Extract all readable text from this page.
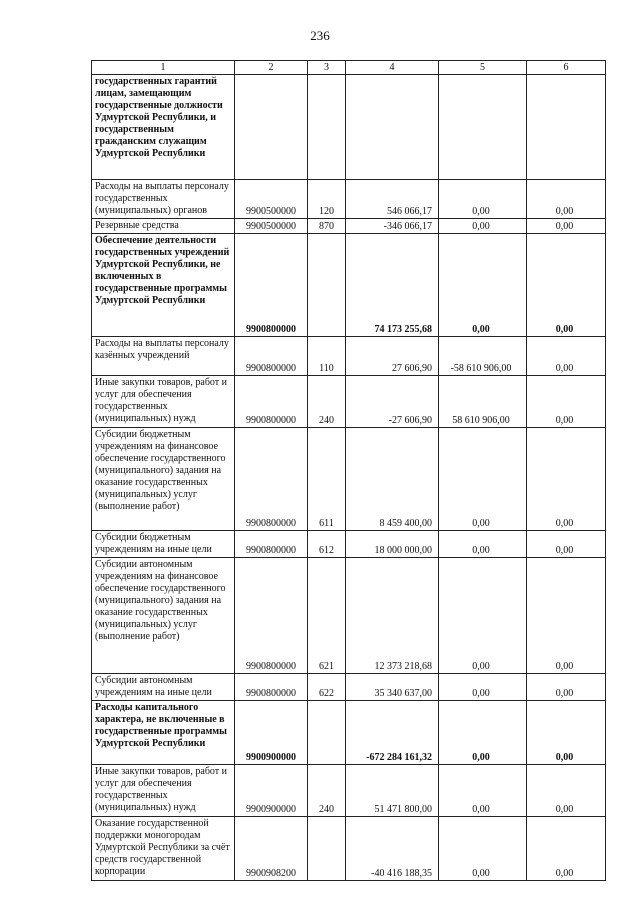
236
1	2	3	4	5	6
государственных гарантий лицам, замещающим государственные должности Удмуртской Республики, и государственным гражданским служащим Удмуртской Республики					
Расходы на выплаты персоналу государственных (муниципальных) органов	9900500000	120	546 066,17	0,00	0,00
Резервные средства	9900500000	870	-346 066,17	0,00	0,00
Обеспечение деятельности государственных учреждений Удмуртской Республики, не включенных в государственные программы Удмуртской Республики	9900800000		74 173 255,68	0,00	0,00
Расходы на выплаты персоналу казённых учреждений	9900800000	110	27 606,90	-58 610 906,00	0,00
Иные закупки товаров, работ и услуг для обеспечения государственных (муниципальных) нужд	9900800000	240	-27 606,90	58 610 906,00	0,00
Субсидии бюджетным учреждениям на финансовое обеспечение государственного (муниципального) задания на оказание государственных (муниципальных) услуг (выполнение работ)	9900800000	611	8 459 400,00	0,00	0,00
Субсидии бюджетным учреждениям на иные цели	9900800000	612	18 000 000,00	0,00	0,00
Субсидии автономным учреждениям на финансовое обеспечение государственного (муниципального) задания на оказание государственных (муниципальных) услуг (выполнение работ)	9900800000	621	12 373 218,68	0,00	0,00
Субсидии автономным учреждениям на иные цели	9900800000	622	35 340 637,00	0,00	0,00
Расходы капитального характера, не включенные в государственные программы Удмуртской Республики	9900900000		-672 284 161,32	0,00	0,00
Иные закупки товаров, работ и услуг для обеспечения государственных (муниципальных) нужд	9900900000	240	51 471 800,00	0,00	0,00
Оказание государственной поддержки моногородам Удмуртской Республики за счёт средств государственной корпорации	9900908200		-40 416 188,35	0,00	0,00
